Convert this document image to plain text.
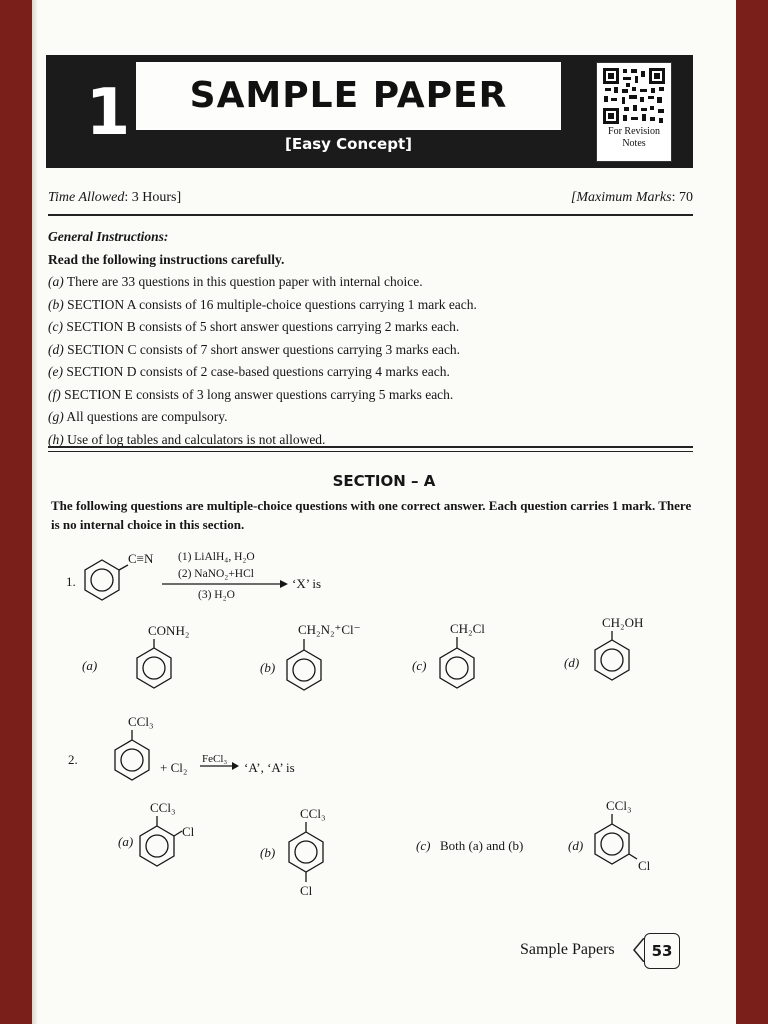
1	SAMPLE PAPER
[Easy Concept]
For Revision Notes
Time Allowed: 3 Hours]	[Maximum Marks: 70

General Instructions:

Read the following instructions carefully.

(a) There are 33 questions in this question paper with internal choice.

(b) SECTION A consists of 16 multiple-choice questions carrying 1 mark each.

(c) SECTION B consists of 5 short answer questions carrying 2 marks each.

(d) SECTION C consists of 7 short answer questions carrying 3 marks each.

(e) SECTION D consists of 2 case-based questions carrying 4 marks each.

(f) SECTION E consists of 3 long answer questions carrying 5 marks each.

(g) All questions are compulsory.

(h) Use of log tables and calculators is not allowed.

SECTION – A
The following questions are multiple-choice questions with one correct answer. Each question carries 1 mark. There is no internal choice in this section.
1.
C≡N (1) LiAlH₄, H₂O
(2) NaNO₂+HCl
(3) H₂O
‘X’ is
(a)
CONH₂
(b)
CH₂N₂⁺Cl⁻
(c)
CH₂Cl
(d)
CH₂OH
2.
CCl₃
+ Cl₂
FeCl₃
‘A’, ‘A’ is
(a)
CCl₃
Cl
(b)
CCl₃
Cl
(c) Both (a) and (b)	(d)
CCl₃
Cl
Sample Papers	53
